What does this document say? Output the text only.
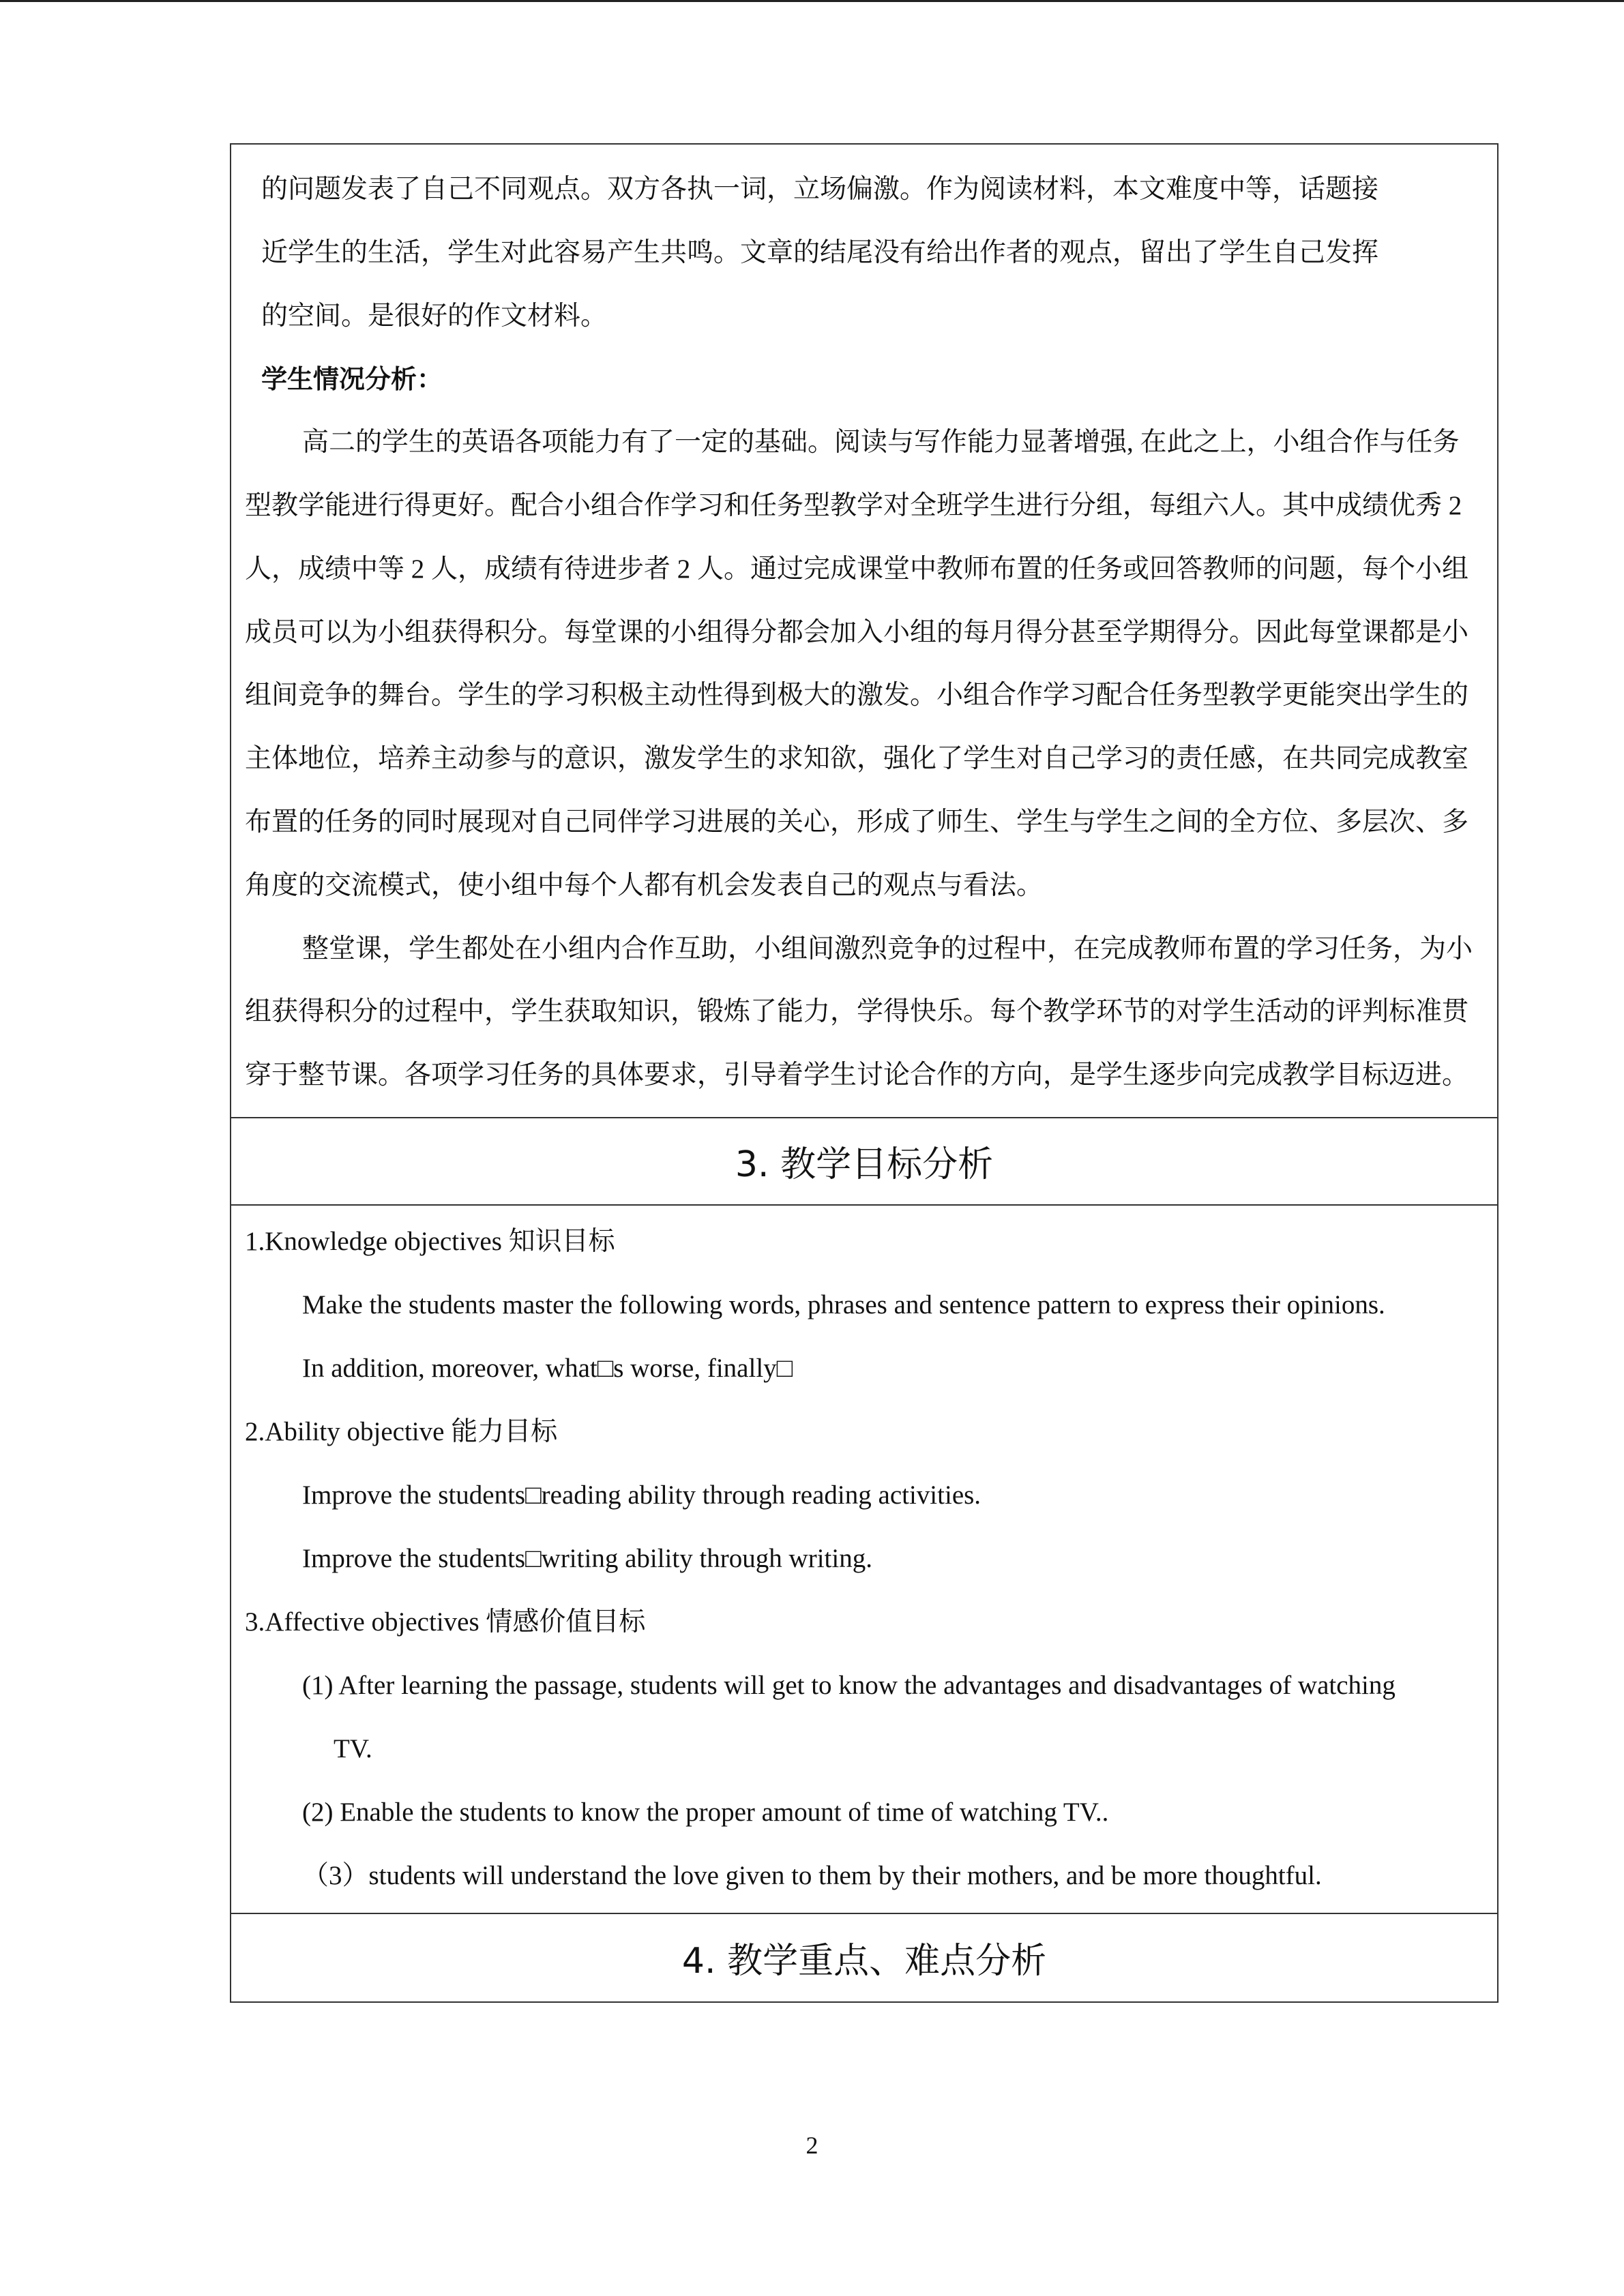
的问题发表了自己不同观点。双方各执一词，立场偏激。作为阅读材料，本文难度中等，话题接

近学生的生活，学生对此容易产生共鸣。文章的结尾没有给出作者的观点，留出了学生自己发挥

的空间。是很好的作文材料。

学生情况分析：

高二的学生的英语各项能力有了一定的基础。阅读与写作能力显著增强, 在此之上，小组合作与任务型教学能进行得更好。配合小组合作学习和任务型教学对全班学生进行分组，每组六人。其中成绩优秀 2 人，成绩中等 2 人，成绩有待进步者 2 人。通过完成课堂中教师布置的任务或回答教师的问题，每个小组成员可以为小组获得积分。每堂课的小组得分都会加入小组的每月得分甚至学期得分。因此每堂课都是小组间竞争的舞台。学生的学习积极主动性得到极大的激发。小组合作学习配合任务型教学更能突出学生的主体地位，培养主动参与的意识，激发学生的求知欲，强化了学生对自己学习的责任感，在共同完成教室布置的任务的同时展现对自己同伴学习进展的关心，形成了师生、学生与学生之间的全方位、多层次、多角度的交流模式，使小组中每个人都有机会发表自己的观点与看法。

整堂课，学生都处在小组内合作互助，小组间激烈竞争的过程中，在完成教师布置的学习任务，为小组获得积分的过程中，学生获取知识，锻炼了能力，学得快乐。每个教学环节的对学生活动的评判标准贯穿于整节课。各项学习任务的具体要求，引导着学生讨论合作的方向，是学生逐步向完成教学目标迈进。

3. 教学目标分析

1.Knowledge objectives 知识目标

Make the students master the following words, phrases and sentence pattern to express their opinions.

In addition, moreover, what□s worse, finally□

2.Ability objective 能力目标

Improve the students□reading ability through reading activities.

Improve the students□writing ability through writing.

3.Affective objectives 情感价值目标

(1) After learning the passage, students will get to know the advantages and disadvantages of watching

TV.

(2) Enable the students to know the proper amount of time of watching TV..

（3）students will understand the love given to them by their mothers, and be more thoughtful.

4. 教学重点、难点分析
2
